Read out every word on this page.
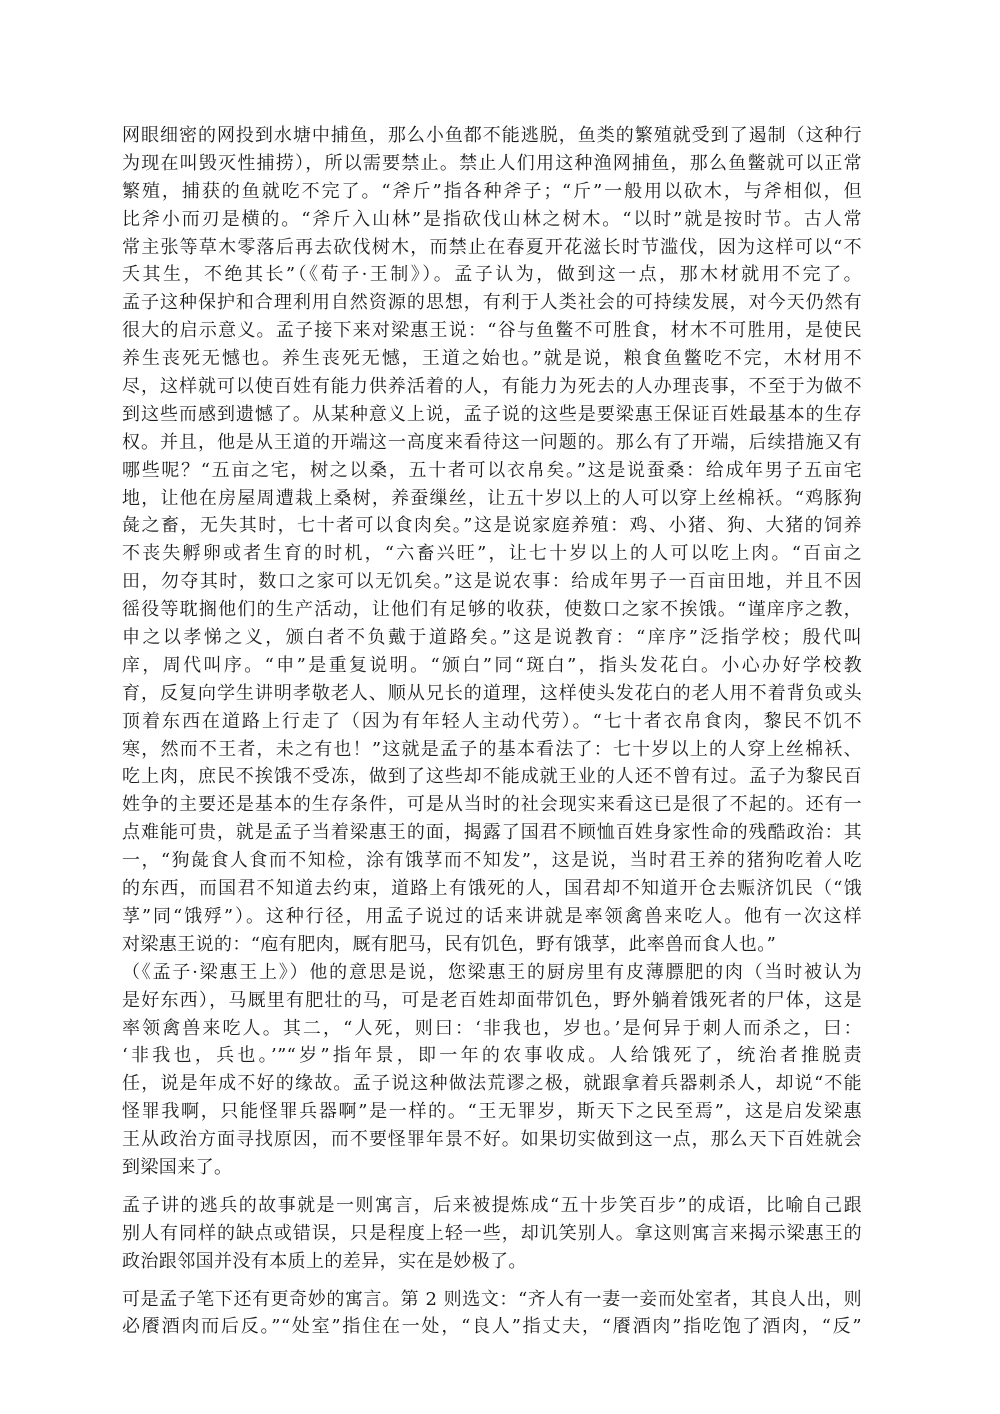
网眼细密的网投到水塘中捕鱼，那么小鱼都不能逃脱，鱼类的繁殖就受到了遏制（这种行
为现在叫毁灭性捕捞），所以需要禁止。禁止人们用这种渔网捕鱼，那么鱼鳖就可以正常
繁殖，捕获的鱼就吃不完了。“斧斤”指各种斧子；“斤”一般用以砍木，与斧相似，但
比斧小而刃是横的。“斧斤入山林”是指砍伐山林之树木。“以时”就是按时节。古人常
常主张等草木零落后再去砍伐树木，而禁止在春夏开花滋长时节滥伐，因为这样可以“不
夭其生，不绝其长”（《荀子·王制》）。孟子认为，做到这一点，那木材就用不完了。
孟子这种保护和合理利用自然资源的思想，有利于人类社会的可持续发展，对今天仍然有
很大的启示意义。孟子接下来对梁惠王说：“谷与鱼鳖不可胜食，材木不可胜用，是使民
养生丧死无憾也。养生丧死无憾，王道之始也。”就是说，粮食鱼鳖吃不完，木材用不
尽，这样就可以使百姓有能力供养活着的人，有能力为死去的人办理丧事，不至于为做不
到这些而感到遗憾了。从某种意义上说，孟子说的这些是要梁惠王保证百姓最基本的生存
权。并且，他是从王道的开端这一高度来看待这一问题的。那么有了开端，后续措施又有
哪些呢？“五亩之宅，树之以桑，五十者可以衣帛矣。”这是说蚕桑：给成年男子五亩宅
地，让他在房屋周遭栽上桑树，养蚕缫丝，让五十岁以上的人可以穿上丝棉袄。“鸡豚狗
彘之畜，无失其时，七十者可以食肉矣。”这是说家庭养殖：鸡、小猪、狗、大猪的饲养
不丧失孵卵或者生育的时机，“六畜兴旺”，让七十岁以上的人可以吃上肉。“百亩之
田，勿夺其时，数口之家可以无饥矣。”这是说农事：给成年男子一百亩田地，并且不因
徭役等耽搁他们的生产活动，让他们有足够的收获，使数口之家不挨饿。“谨庠序之教，
申之以孝悌之义，颁白者不负戴于道路矣。”这是说教育：“庠序”泛指学校；殷代叫
庠，周代叫序。“申”是重复说明。“颁白”同“斑白”，指头发花白。小心办好学校教
育，反复向学生讲明孝敬老人、顺从兄长的道理，这样使头发花白的老人用不着背负或头
顶着东西在道路上行走了（因为有年轻人主动代劳）。“七十者衣帛食肉，黎民不饥不
寒，然而不王者，未之有也！”这就是孟子的基本看法了：七十岁以上的人穿上丝棉袄、
吃上肉，庶民不挨饿不受冻，做到了这些却不能成就王业的人还不曾有过。孟子为黎民百
姓争的主要还是基本的生存条件，可是从当时的社会现实来看这已是很了不起的。还有一
点难能可贵，就是孟子当着梁惠王的面，揭露了国君不顾恤百姓身家性命的残酷政治：其
一，“狗彘食人食而不知检，涂有饿莩而不知发”，这是说，当时君王养的猪狗吃着人吃
的东西，而国君不知道去约束，道路上有饿死的人，国君却不知道开仓去赈济饥民（“饿
莩”同“饿殍”）。这种行径，用孟子说过的话来讲就是率领禽兽来吃人。他有一次这样
对梁惠王说的：“庖有肥肉，厩有肥马，民有饥色，野有饿莩，此率兽而食人也。”
（《孟子·梁惠王上》）他的意思是说，您梁惠王的厨房里有皮薄膘肥的肉（当时被认为
是好东西），马厩里有肥壮的马，可是老百姓却面带饥色，野外躺着饿死者的尸体，这是
率领禽兽来吃人。其二，“人死，则曰：‘非我也，岁也。’是何异于刺人而杀之，曰：
‘非我也，兵也。’”“岁”指年景，即一年的农事收成。人给饿死了，统治者推脱责
任，说是年成不好的缘故。孟子说这种做法荒谬之极，就跟拿着兵器刺杀人，却说“不能
怪罪我啊，只能怪罪兵器啊”是一样的。“王无罪岁，斯天下之民至焉”，这是启发梁惠
王从政治方面寻找原因，而不要怪罪年景不好。如果切实做到这一点，那么天下百姓就会
到梁国来了。
孟子讲的逃兵的故事就是一则寓言，后来被提炼成“五十步笑百步”的成语，比喻自己跟
别人有同样的缺点或错误，只是程度上轻一些，却讥笑别人。拿这则寓言来揭示梁惠王的
政治跟邻国并没有本质上的差异，实在是妙极了。
可是孟子笔下还有更奇妙的寓言。第 2 则选文：“齐人有一妻一妾而处室者，其良人出，则
必餍酒肉而后反。”“处室”指住在一处，“良人”指丈夫，“餍酒肉”指吃饱了酒肉，“反”
